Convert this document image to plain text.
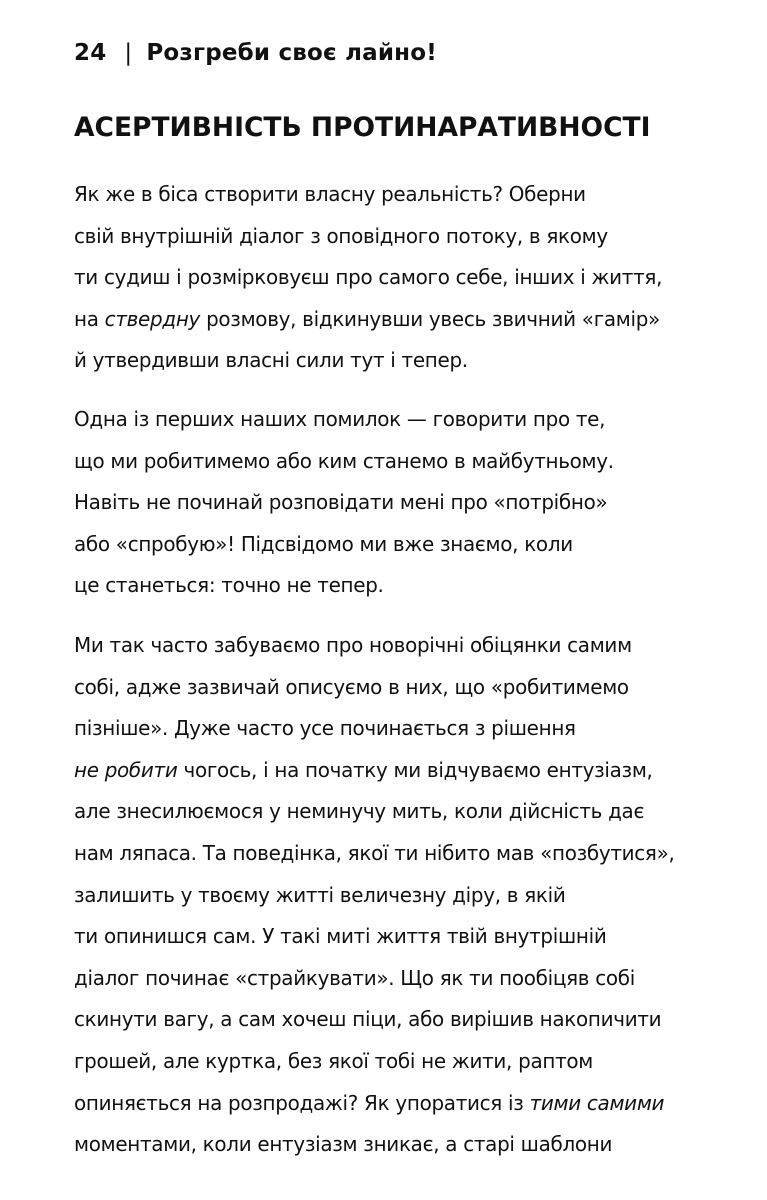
24 | Розгреби своє лайно!
АСЕРТИВНІСТЬ ПРОТИНАРАТИВНОСТІ
Як же в біса створити власну реальність? Оберни
свій внутрішній діалог з оповідного потоку, в якому
ти судиш і розмірковуєш про самого себе, інших і життя,
на стверднy розмову, відкинувши увесь звичний «гамір»
й утвердивши власні сили тут і тепер.
Одна із перших наших помилок — говорити про те,
що ми робитимемо або ким станемо в майбутньому.
Навіть не починай розповідати мені про «потрібно»
або «спробую»! Підсвідомо ми вже знаємо, коли
це станеться: точно не тепер.
Ми так часто забуваємо про новорічні обіцянки самим
собі, адже зазвичай описуємо в них, що «робитимемо
пізніше». Дуже часто усе починається з рішення
не робити чогось, і на початку ми відчуваємо ентузіазм,
але знесилюємося у неминучу мить, коли дійсність дає
нам ляпаса. Та поведінка, якої ти нібито мав «позбутися»,
залишить у твоєму житті величезну діру, в якій
ти опинишся сам. У такі миті життя твій внутрішній
діалог починає «страйкувати». Що як ти пообіцяв собі
скинути вагу, а сам хочеш піци, або вирішив накопичити
грошей, але куртка, без якої тобі не жити, раптом
опиняється на розпродажі? Як упоратися із тими самими
моментами, коли ентузіазм зникає, а старі шаблони
